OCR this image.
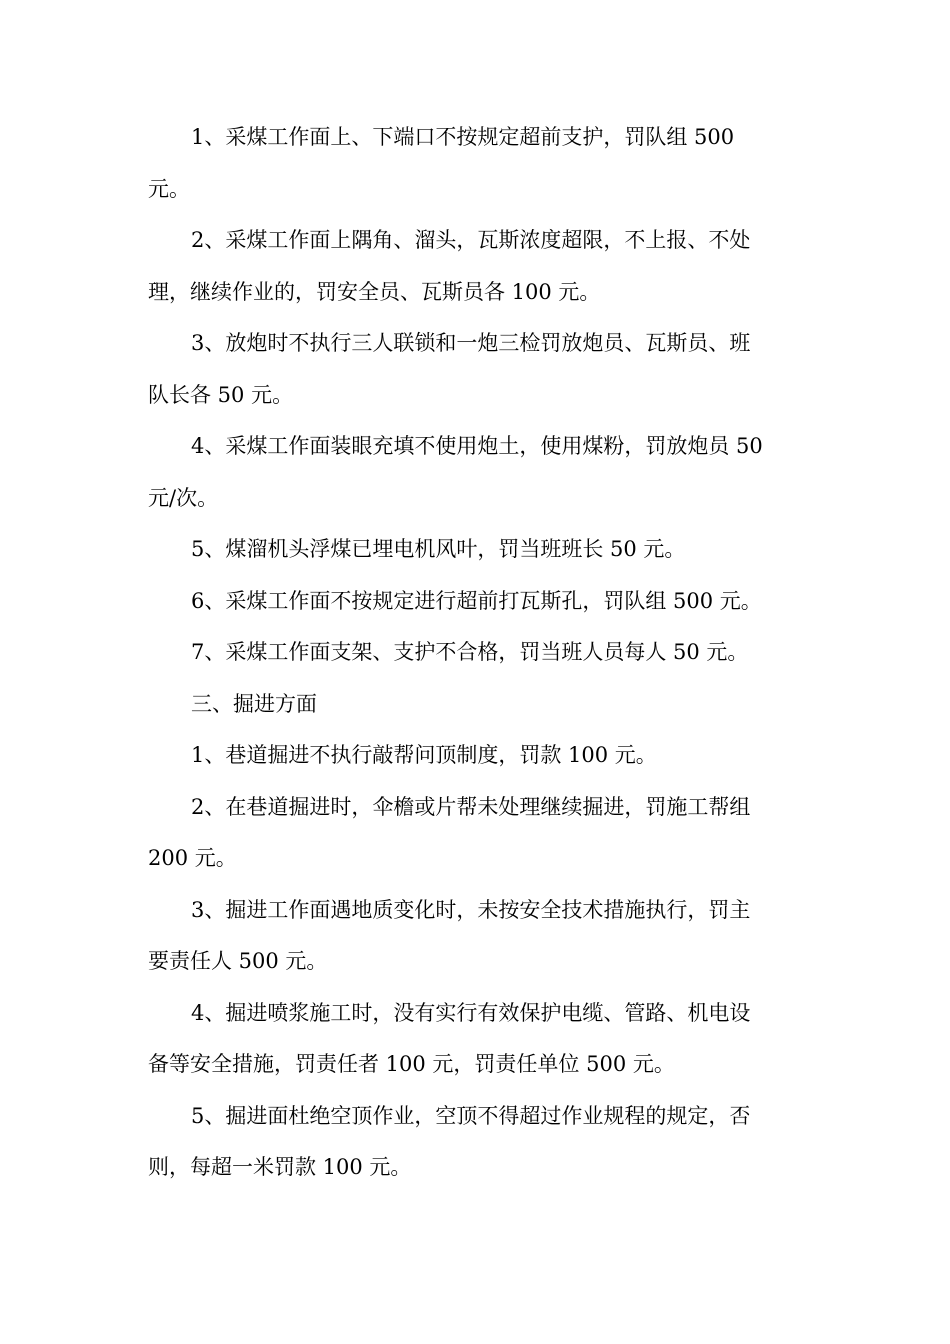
1、采煤工作面上、下端口不按规定超前支护，罚队组 500
元。

2、采煤工作面上隅角、溜头，瓦斯浓度超限，不上报、不处
理，继续作业的，罚安全员、瓦斯员各 100 元。

3、放炮时不执行三人联锁和一炮三检罚放炮员、瓦斯员、班
队长各 50 元。

4、采煤工作面装眼充填不使用炮土，使用煤粉，罚放炮员 50
元/次。

5、煤溜机头浮煤已埋电机风叶，罚当班班长 50 元。

6、采煤工作面不按规定进行超前打瓦斯孔，罚队组 500 元。

7、采煤工作面支架、支护不合格，罚当班人员每人 50 元。

三、掘进方面

1、巷道掘进不执行敲帮问顶制度，罚款 100 元。

2、在巷道掘进时，伞檐或片帮未处理继续掘进，罚施工帮组
200 元。

3、掘进工作面遇地质变化时，未按安全技术措施执行，罚主
要责任人 500 元。

4、掘进喷浆施工时，没有实行有效保护电缆、管路、机电设
备等安全措施，罚责任者 100 元，罚责任单位 500 元。

5、掘进面杜绝空顶作业，空顶不得超过作业规程的规定，否
则，每超一米罚款 100 元。
